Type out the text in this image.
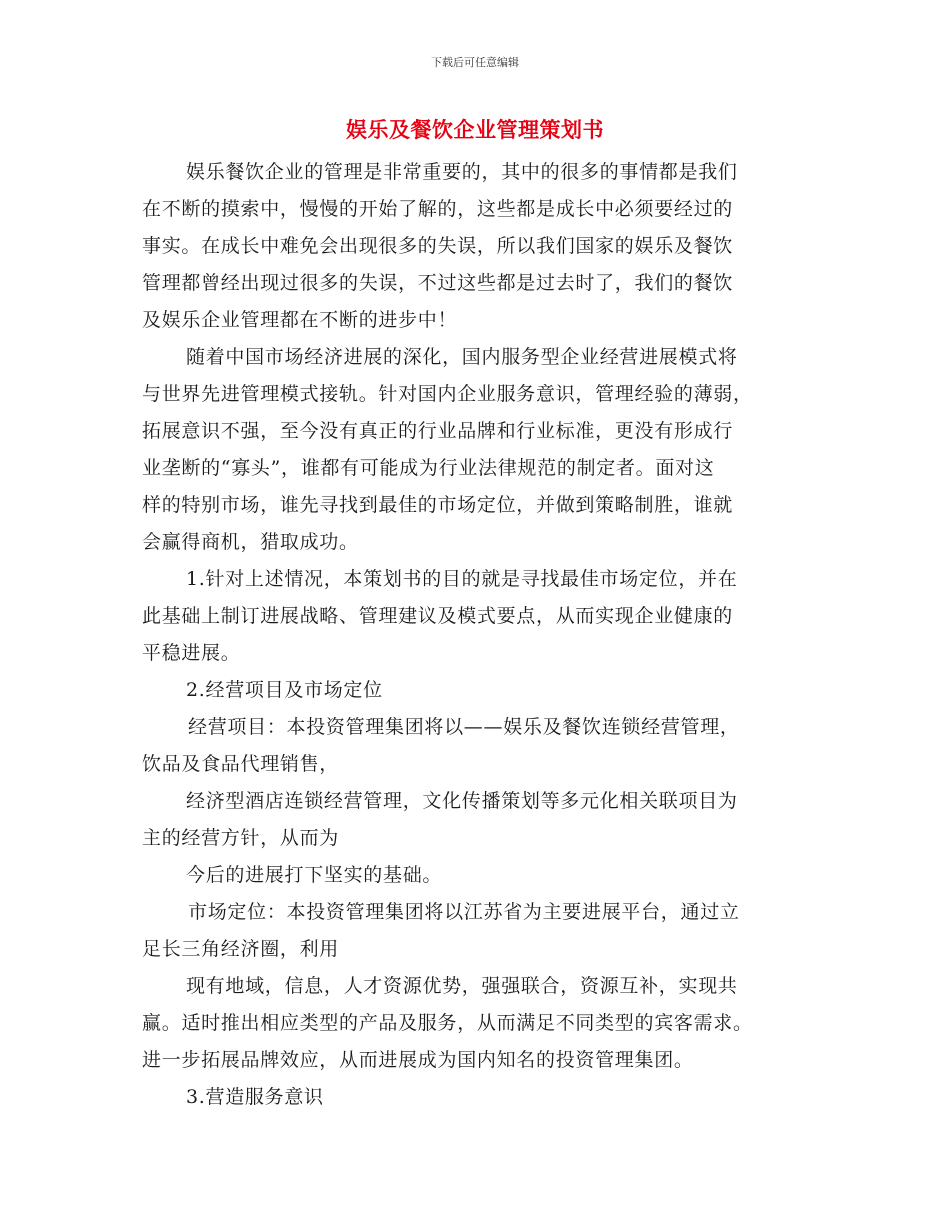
下载后可任意编辑
娱乐及餐饮企业管理策划书
娱乐餐饮企业的管理是非常重要的，其中的很多的事情都是我们
在不断的摸索中，慢慢的开始了解的，这些都是成长中必须要经过的
事实。在成长中难免会出现很多的失误，所以我们国家的娱乐及餐饮
管理都曾经出现过很多的失误，不过这些都是过去时了，我们的餐饮
及娱乐企业管理都在不断的进步中！
随着中国市场经济进展的深化，国内服务型企业经营进展模式将
与世界先进管理模式接轨。针对国内企业服务意识，管理经验的薄弱，
拓展意识不强，至今没有真正的行业品牌和行业标准，更没有形成行
业垄断的“寡头”，谁都有可能成为行业法律规范的制定者。面对这
样的特别市场，谁先寻找到最佳的市场定位，并做到策略制胜，谁就
会赢得商机，猎取成功。
1.针对上述情况，本策划书的目的就是寻找最佳市场定位，并在
此基础上制订进展战略、管理建议及模式要点，从而实现企业健康的
平稳进展。
2.经营项目及市场定位
经营项目：本投资管理集团将以——娱乐及餐饮连锁经营管理，
饮品及食品代理销售，
经济型酒店连锁经营管理，文化传播策划等多元化相关联项目为
主的经营方针，从而为
今后的进展打下坚实的基础。
市场定位：本投资管理集团将以江苏省为主要进展平台，通过立
足长三角经济圈，利用
现有地域，信息，人才资源优势，强强联合，资源互补，实现共
赢。适时推出相应类型的产品及服务，从而满足不同类型的宾客需求。
进一步拓展品牌效应，从而进展成为国内知名的投资管理集团。
3.营造服务意识
